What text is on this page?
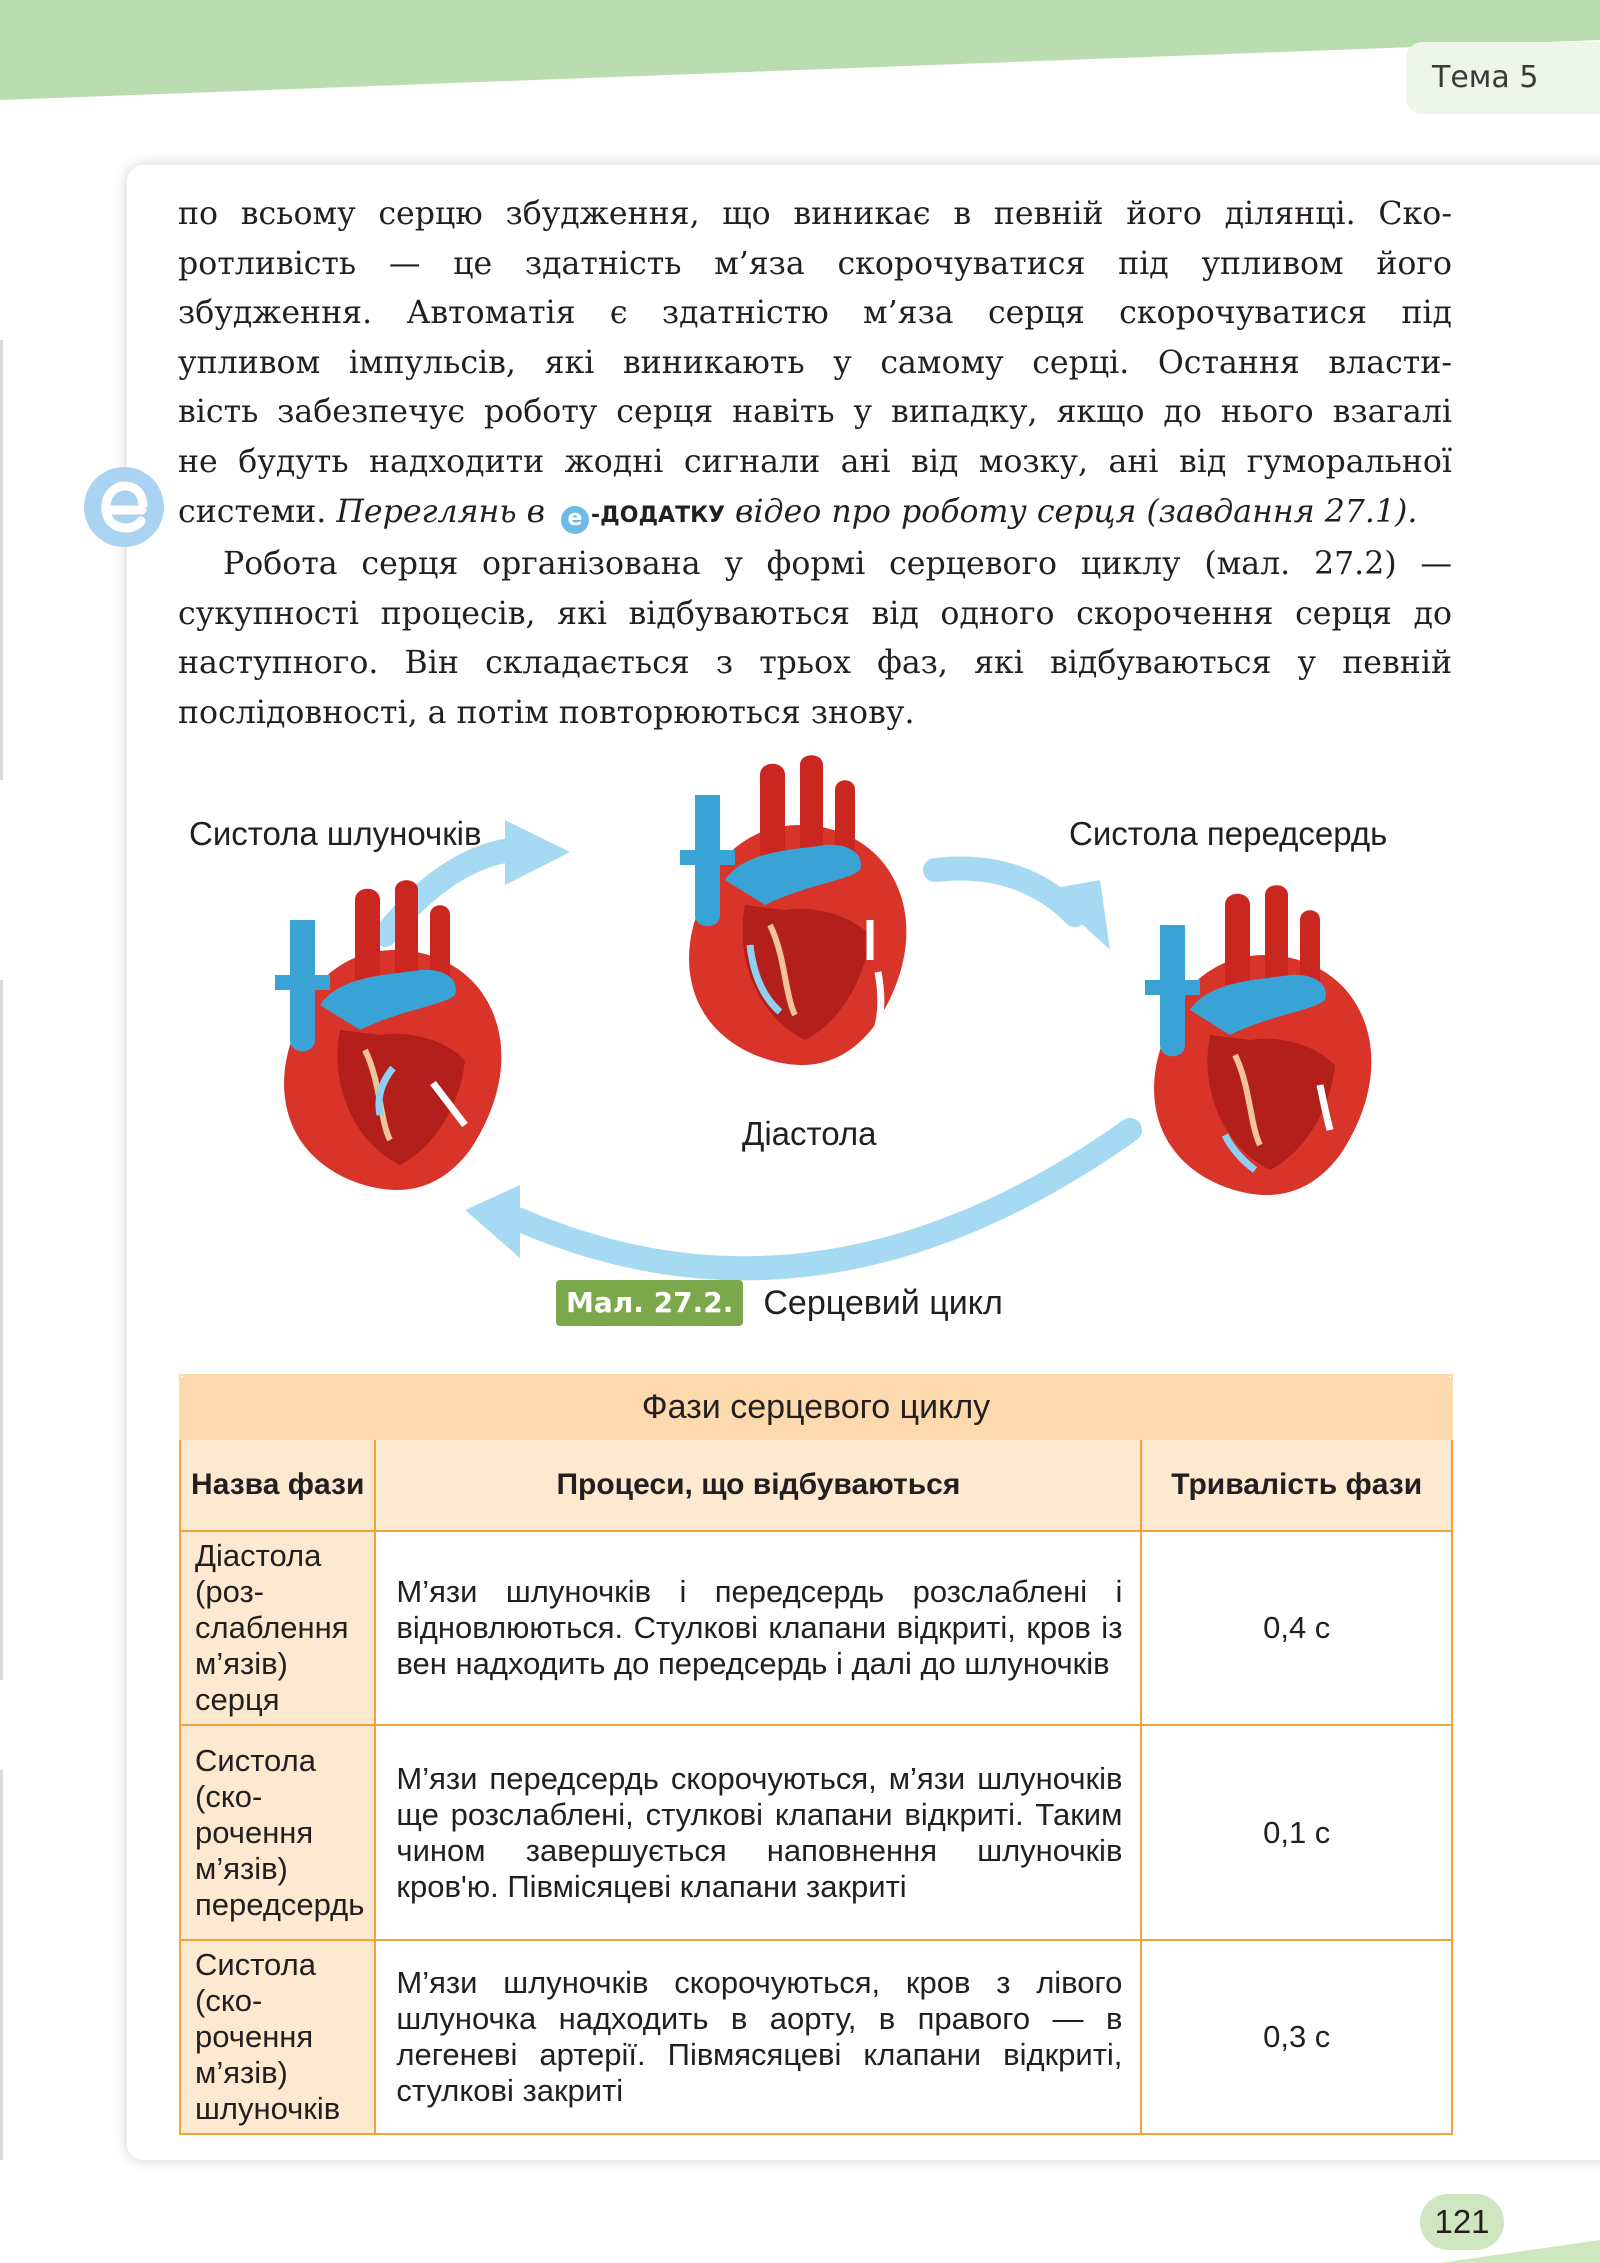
Тема 5

по всьому серцю збудження, що виникає в певній його ділянці. Ско-

ротливість — це здатність м’яза скорочуватися під упливом його

збудження. Автоматія є здатністю м’яза серця скорочуватися під

упливом імпульсів, які виникають у самому серці. Остання власти-

вість забезпечує роботу серця навіть у випадку, якщо до нього взагалі

не будуть надходити жодні сигнали ані від мозку, ані від гуморальної

системи. Переглянь в e -ДОДАТКУ відео про роботу серця (завдання 27.1).

Робота серця організована у формі серцевого циклу (мал. 27.2) — сукупності процесів, які відбуваються від одного скорочення серця до наступного. Він складається з трьох фаз, які відбуваються у певній послідовності, а потім повторюються знову.

Систола шлуночків
Діастола
Систола передсердь
Мал. 27.2. Серцевий цикл
Фази серцевого циклу		
Назва фази	Процеси, що відбуваються	Тривалість фази
Діастола (розслаблення м’язів) серця	М’язи шлуночків і передсердь розслаблені і відновлюються. Стулкові клапани відкриті, кров із вен надходить до передсердь і далі до шлуночків	0,4 с
Систола (скорочення м’язів) передсердь	М’язи передсердь скорочуються, м’язи шлуночків ще розслаблені, стулкові клапани відкриті. Таким чином завершується наповнення шлуночків кров'ю. Півмісяцеві клапани закриті	0,1 с
Систола (скорочення м’язів) шлуночків	М’язи шлуночків скорочуються, кров з лівого шлуночка надходить в аорту, в правого — в легеневі артерії. Півмясяцеві клапани відкриті, стулкові закриті	0,3 с
121
